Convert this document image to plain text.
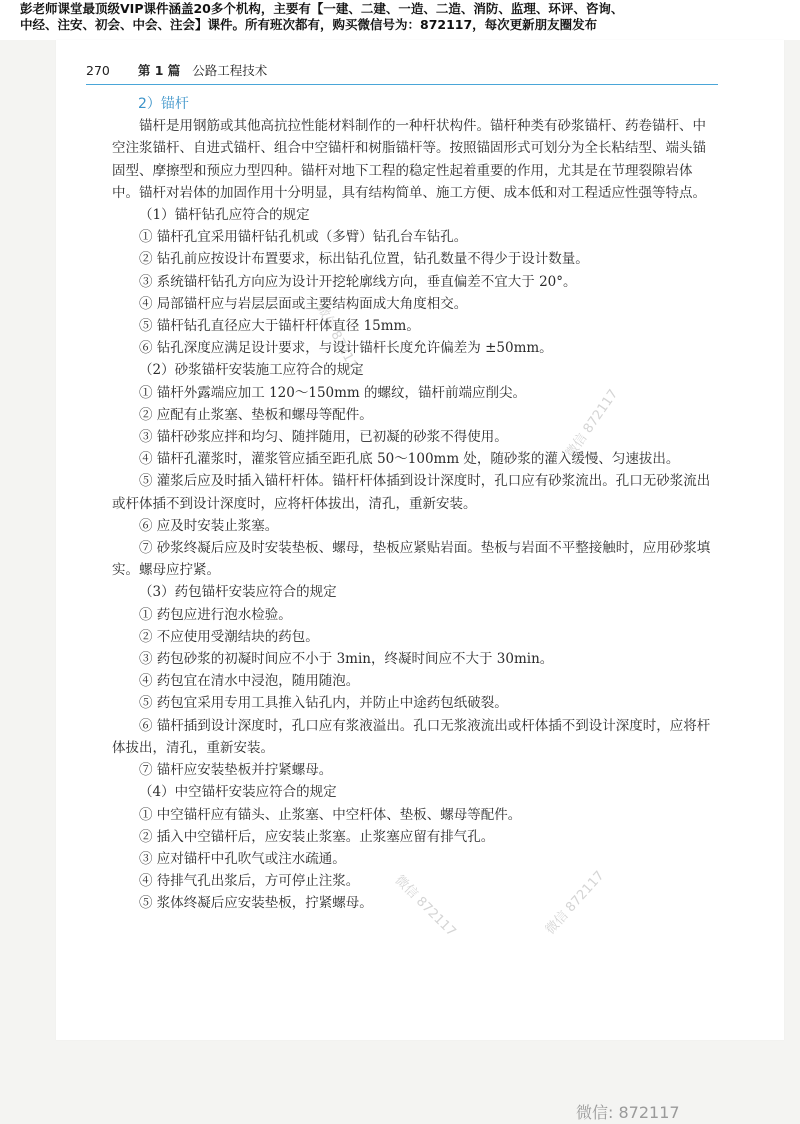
彭老师课堂最顶级VIP课件涵盖20多个机构，主要有【一建、二建、一造、二造、消防、监理、环评、咨询、
中经、注安、初会、中会、注会】课件。所有班次都有，购买微信号为：872117，每次更新朋友圈发布
270 第 1 篇 公路工程技术

2）锚杆

锚杆是用钢筋或其他高抗拉性能材料制作的一种杆状构件。锚杆种类有砂浆锚杆、药卷锚杆、中空注浆锚杆、自进式锚杆、组合中空锚杆和树脂锚杆等。按照锚固形式可划分为全长粘结型、端头锚固型、摩擦型和预应力型四种。锚杆对地下工程的稳定性起着重要的作用，尤其是在节理裂隙岩体中。锚杆对岩体的加固作用十分明显，具有结构简单、施工方便、成本低和对工程适应性强等特点。

（1）锚杆钻孔应符合的规定

① 锚杆孔宜采用锚杆钻孔机或（多臂）钻孔台车钻孔。

② 钻孔前应按设计布置要求，标出钻孔位置，钻孔数量不得少于设计数量。

③ 系统锚杆钻孔方向应为设计开挖轮廓线方向，垂直偏差不宜大于 20°。

④ 局部锚杆应与岩层层面或主要结构面成大角度相交。

⑤ 锚杆钻孔直径应大于锚杆杆体直径 15mm。

⑥ 钻孔深度应满足设计要求，与设计锚杆长度允许偏差为 ±50mm。

（2）砂浆锚杆安装施工应符合的规定

① 锚杆外露端应加工 120～150mm 的螺纹，锚杆前端应削尖。

② 应配有止浆塞、垫板和螺母等配件。

③ 锚杆砂浆应拌和均匀、随拌随用，已初凝的砂浆不得使用。

④ 锚杆孔灌浆时，灌浆管应插至距孔底 50～100mm 处，随砂浆的灌入缓慢、匀速拔出。

⑤ 灌浆后应及时插入锚杆杆体。锚杆杆体插到设计深度时，孔口应有砂浆流出。孔口无砂浆流出或杆体插不到设计深度时，应将杆体拔出，清孔，重新安装。

⑥ 应及时安装止浆塞。

⑦ 砂浆终凝后应及时安装垫板、螺母，垫板应紧贴岩面。垫板与岩面不平整接触时，应用砂浆填实。螺母应拧紧。

（3）药包锚杆安装应符合的规定

① 药包应进行泡水检验。

② 不应使用受潮结块的药包。

③ 药包砂浆的初凝时间应不小于 3min，终凝时间应不大于 30min。

④ 药包宜在清水中浸泡，随用随泡。

⑤ 药包宜采用专用工具推入钻孔内，并防止中途药包纸破裂。

⑥ 锚杆插到设计深度时，孔口应有浆液溢出。孔口无浆液流出或杆体插不到设计深度时，应将杆体拔出，清孔，重新安装。

⑦ 锚杆应安装垫板并拧紧螺母。

（4）中空锚杆安装应符合的规定

① 中空锚杆应有锚头、止浆塞、中空杆体、垫板、螺母等配件。

② 插入中空锚杆后，应安装止浆塞。止浆塞应留有排气孔。

③ 应对锚杆中孔吹气或注水疏通。

④ 待排气孔出浆后，方可停止注浆。

⑤ 浆体终凝后应安装垫板，拧紧螺母。

微信 872117
微信 872117
微信 872117	微信 872117
微信: 872117
